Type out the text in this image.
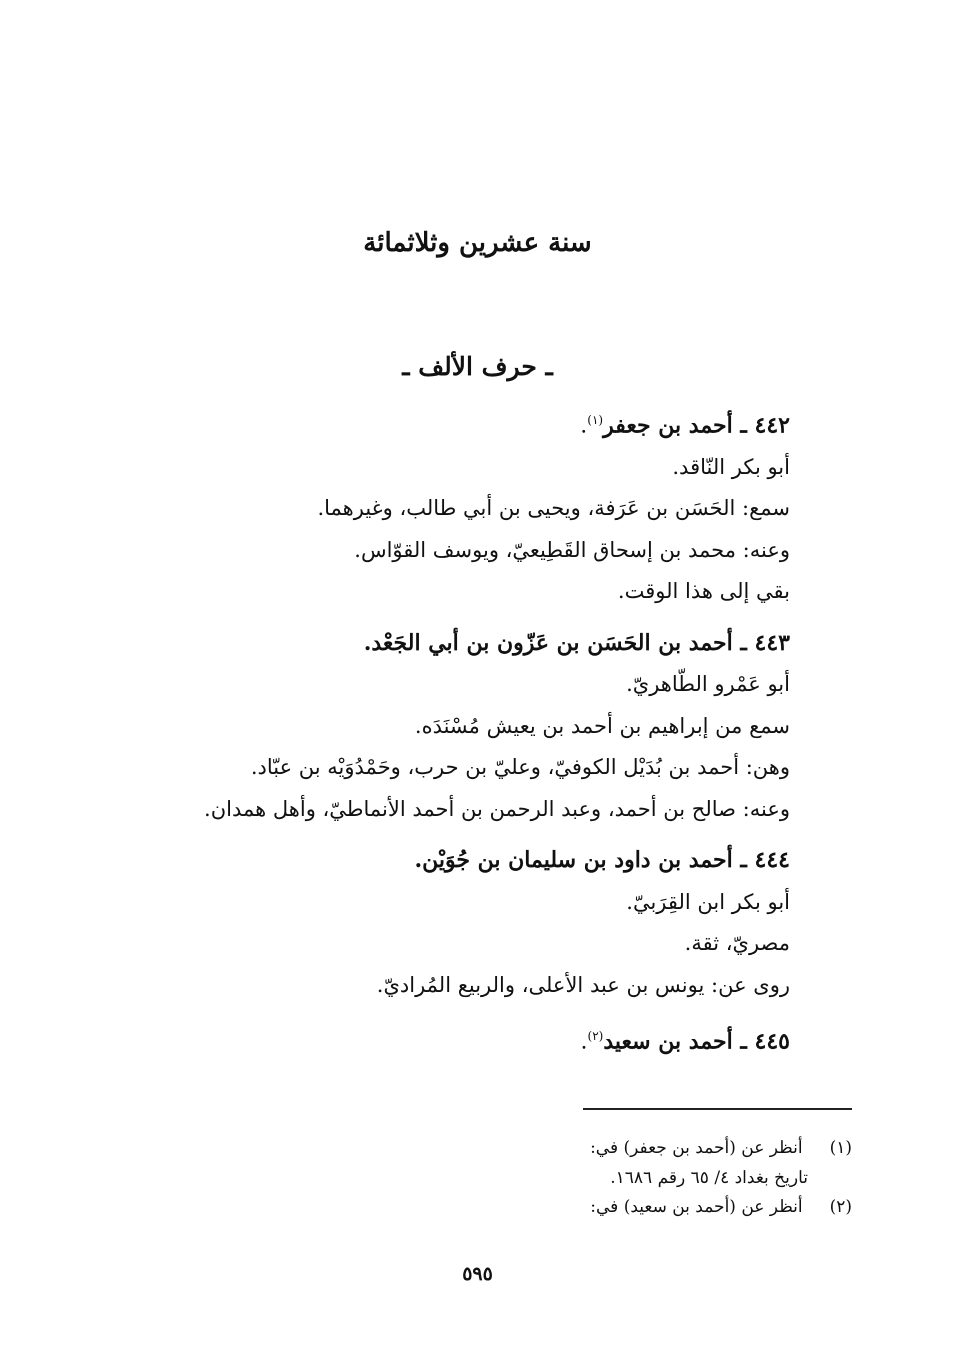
سنة عشرين وثلاثمائة
ـ حرف الألف ـ
٤٤٢ ـ أحمد بن جعفر$^{(١)}$.
أبو بكر النّاقد.
سمع: الحَسَن بن عَرَفة، ويحيى بن أبي طالب، وغيرهما.
وعنه: محمد بن إسحاق القَطِيعيّ، ويوسف القوّاس.
بقي إلى هذا الوقت.
٤٤٣ ـ أحمد بن الحَسَن بن عَزّون بن أبي الجَعْد.
أبو عَمْرو الطّاهريّ.
سمع من إبراهيم بن أحمد بن يعيش مُسْنَدَه.
وهن: أحمد بن بُدَيْل الكوفيّ، وعليّ بن حرب، وحَمْدُوَيْه بن عبّاد.
وعنه: صالح بن أحمد، وعبد الرحمن بن أحمد الأنماطيّ، وأهل همدان.
٤٤٤ ـ أحمد بن داود بن سليمان بن جُوَيْن.
أبو بكر ابن القِرَبيّ.
مصريّ، ثقة.
روى عن: يونس بن عبد الأعلى، والربيع المُراديّ.
٤٤٥ ـ أحمد بن سعيد$^{(٢)}$.
(١) أنظر عن (أحمد بن جعفر) في:
تاريخ بغداد ٤/ ٦٥ رقم ١٦٨٦.
(٢) أنظر عن (أحمد بن سعيد) في:
٥٩٥
